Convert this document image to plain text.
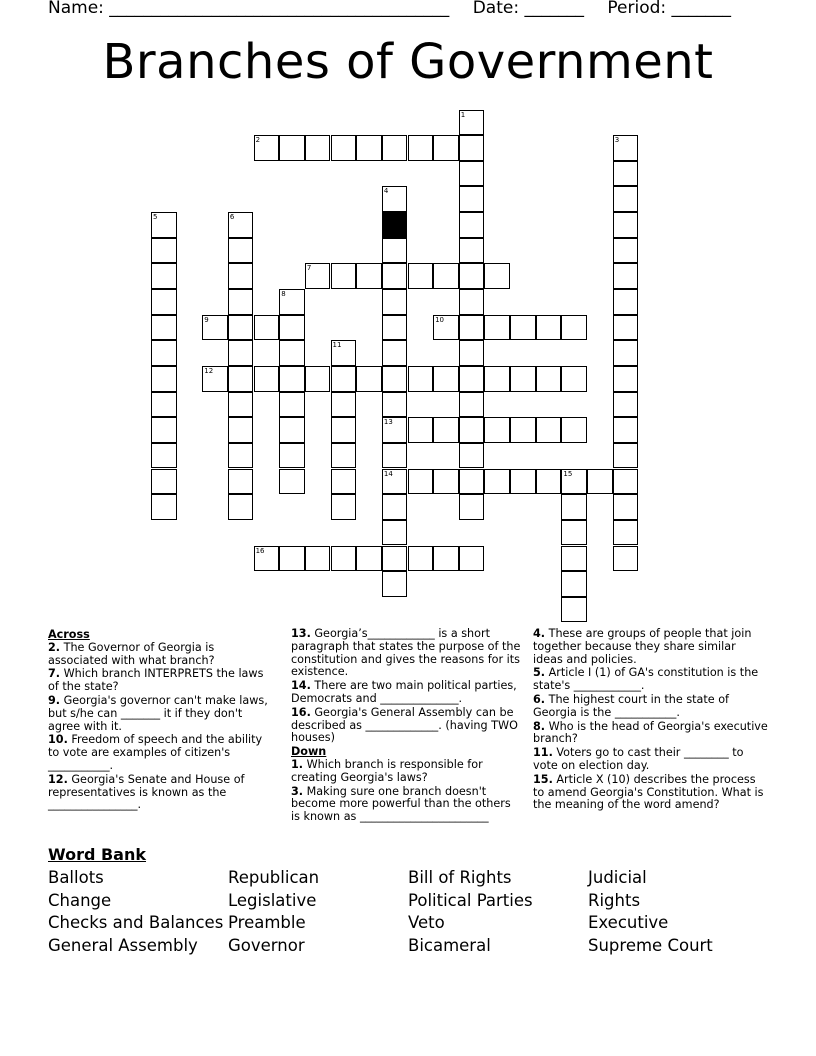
Name: ________________________________________ Date: _______ Period: _______
Branches of Government
1
2	3
4
13
14
5	6
7
8
9	10
11
12
15
16
Across
2. The Governor of Georgia is associated with what branch?
7. Which branch INTERPRETS the laws of the state?
9. Georgia's governor can't make laws, but s/he can _______ it if they don't agree with it.
10. Freedom of speech and the ability to vote are examples of citizen's ___________.
12. Georgia's Senate and House of representatives is known as the ________________.
13. Georgia’s____________ is a short paragraph that states the purpose of the constitution and gives the reasons for its existence.
14. There are two main political parties, Democrats and ______________.
16. Georgia's General Assembly can be described as _____________. (having TWO houses)
Down
1. Which branch is responsible for creating Georgia's laws?
3. Making sure one branch doesn't become more powerful than the others is known as _______________________
4. These are groups of people that join together because they share similar ideas and policies.
5. Article I (1) of GA's constitution is the state's ____________.
6. The highest court in the state of Georgia is the ___________.
8. Who is the head of Georgia's executive branch?
11. Voters go to cast their ________ to vote on election day.
15. Article X (10) describes the process to amend Georgia's Constitution. What is the meaning of the word amend?
Word Bank
Ballots	Republican	Bill of Rights	Judicial
Change	Legislative	Political Parties	Rights
Checks and Balances Preamble	Veto	Executive
General Assembly	Governor	Bicameral	Supreme Court
